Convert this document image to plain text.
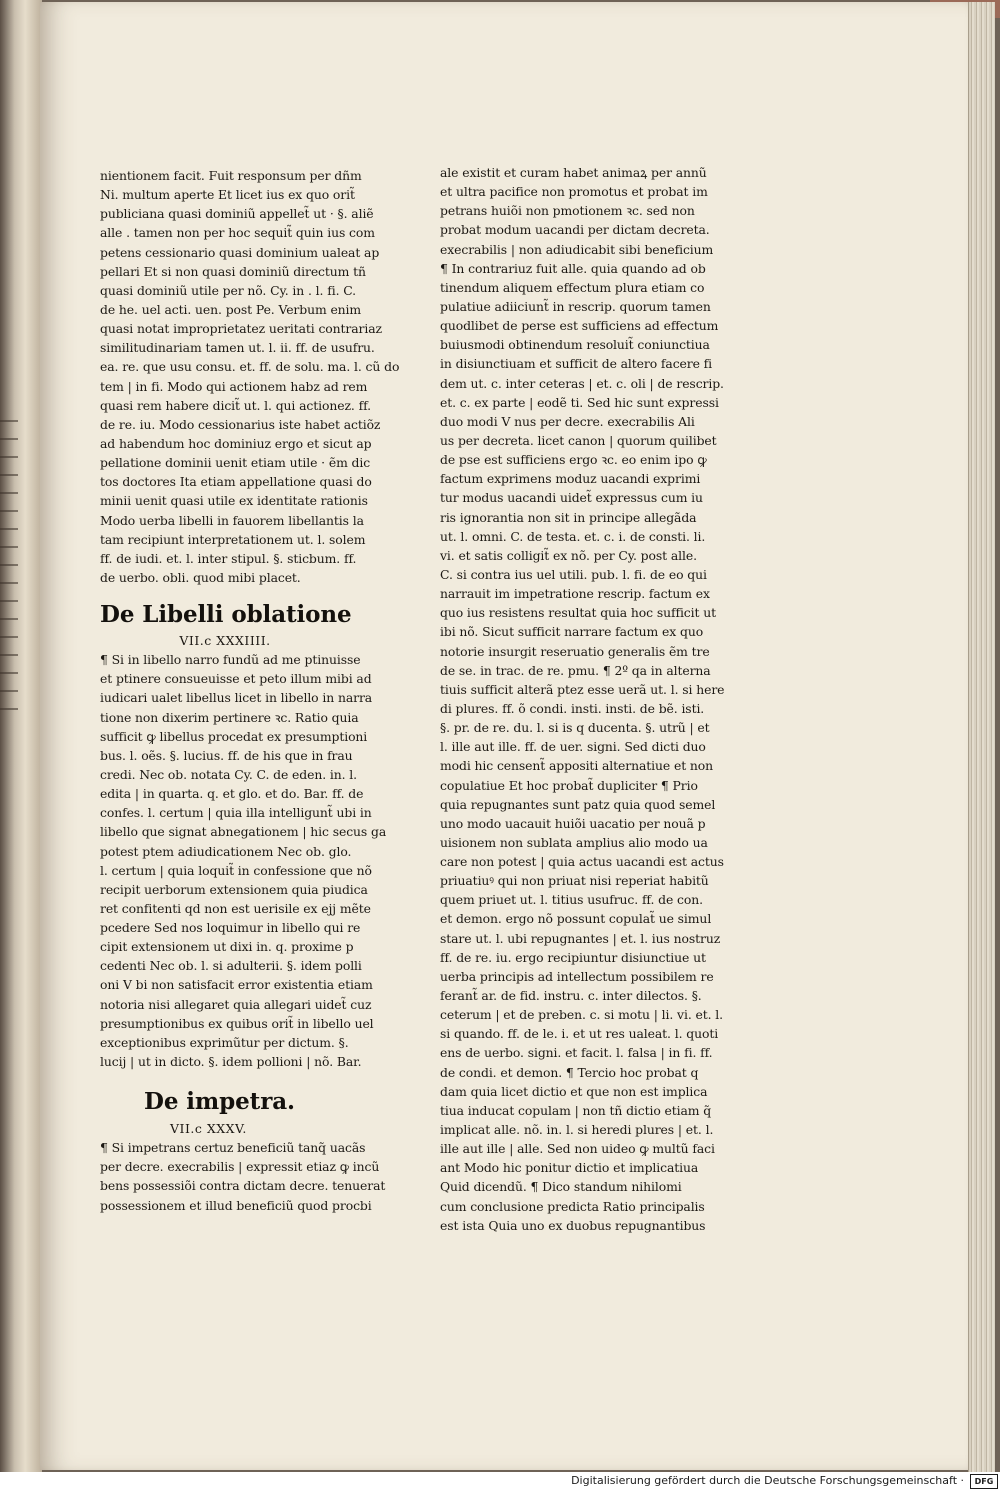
nientionem facit. Fuit responsum per dñm
Ni. multum aperte Et licet ius ex quo orit̃
publiciana quasi dominiũ appellet̃ ut · §. aliẽ
alle . tamen non per hoc sequit̃ quin ius com
petens cessionario quasi dominium ualeat ap
pellari Et si non quasi dominiũ directum tñ
quasi dominiũ utile per nõ. Cy. in . l. fi. C.
de he. uel acti. uen. post Pe. Verbum enim
quasi notat improprietatez ueritati contrariaz
similitudinariam tamen ut. l. ii. ff. de usufru.
ea. re. que usu consu. et. ff. de solu. ma. l. cũ do
tem | in fi. Modo qui actionem habz ad rem
quasi rem habere dicit̃ ut. l. qui actionez. ff.
de re. iu. Modo cessionarius iste habet actiõz
ad habendum hoc dominiuz ergo et sicut ap
pellatione dominii uenit etiam utile · ẽm dic
tos doctores Ita etiam appellatione quasi do
minii uenit quasi utile ex identitate rationis
Modo uerba libelli in fauorem libellantis la
tam recipiunt interpretationem ut. l. solem
ff. de iudi. et. l. inter stipul. §. sticbum. ff.
de uerbo. obli. quod mibi placet.
De Libelli oblatione
VII.c XXXIIII.
¶ Si in libello narro fundũ ad me ptinuisse
et ptinere consueuisse et peto illum mibi ad
iudicari ualet libellus licet in libello in narra
tione non dixerim pertinere ꝛc. Ratio quia
sufficit ꝙ libellus procedat ex presumptioni
bus. l. oẽs. §. lucius. ff. de his que in frau
credi. Nec ob. notata Cy. C. de eden. in. l.
edita | in quarta. q. et glo. et do. Bar. ff. de
confes. l. certum | quia illa intelligunt̃ ubi in
libello que signat abnegationem | hic secus ga
potest ptem adiudicationem Nec ob. glo.
l. certum | quia loquit̃ in confessione que nõ
recipit uerborum extensionem quia piudica
ret confitenti qd non est uerisile ex ejj mẽte
pcedere Sed nos loquimur in libello qui re
cipit extensionem ut dixi in. q. proxime p
cedenti Nec ob. l. si adulterii. §. idem polli
oni V bi non satisfacit error existentia etiam
notoria nisi allegaret quia allegari uidet̃ cuz
presumptionibus ex quibus orit̃ in libello uel
exceptionibus exprimũtur per dictum. §.
lucij | ut in dicto. §. idem pollioni | nõ. Bar.
De impetra.
VII.c XXXV.
¶ Si impetrans certuz beneficiũ tanq̃ uacãs
per decre. execrabilis | expressit etiaz ꝙ incũ
bens possessiõi contra dictam decre. tenuerat
possessionem et illud beneficiũ quod procbi
ale existit et curam habet animaꝝ per annũ
et ultra pacifice non promotus et probat im
petrans huiõi non pmotionem ꝛc. sed non
probat modum uacandi per dictam decreta.
execrabilis | non adiudicabit sibi beneficium
¶ In contrariuz fuit alle. quia quando ad ob
tinendum aliquem effectum plura etiam co
pulatiue adiiciunt̃ in rescrip. quorum tamen
quodlibet de perse est sufficiens ad effectum
buiusmodi obtinendum resoluit̃ coniunctiua
in disiunctiuam et sufficit de altero facere fi
dem ut. c. inter ceteras | et. c. oli | de rescrip.
et. c. ex parte | eodẽ ti. Sed hic sunt expressi
duo modi V nus per decre. execrabilis Ali
us per decreta. licet canon | quorum quilibet
de pse est sufficiens ergo ꝛc. eo enim ipo ꝙ
factum exprimens moduz uacandi exprimi
tur modus uacandi uidet̃ expressus cum iu
ris ignorantia non sit in principe allegãda
ut. l. omni. C. de testa. et. c. i. de consti. li.
vi. et satis colligit̃ ex nõ. per Cy. post alle.
C. si contra ius uel utili. pub. l. fi. de eo qui
narrauit im impetratione rescrip. factum ex
quo ius resistens resultat quia hoc sufficit ut
ibi nõ. Sicut sufficit narrare factum ex quo
notorie insurgit reseruatio generalis ẽm tre
de se. in trac. de re. pmu. ¶ 2º qa in alterna
tiuis sufficit alterã ptez esse uerã ut. l. si here
di plures. ff. õ condi. insti. insti. de bẽ. isti.
§. pr. de re. du. l. si is q ducenta. §. utrũ | et
l. ille aut ille. ff. de uer. signi. Sed dicti duo
modi hic censent̃ appositi alternatiue et non
copulatiue Et hoc probat̃ dupliciter ¶ Prio
quia repugnantes sunt patz quia quod semel
uno modo uacauit huiõi uacatio per nouã p
uisionem non sublata amplius alio modo ua
care non potest | quia actus uacandi est actus
priuatiuꝰ qui non priuat nisi reperiat habitũ
quem priuet ut. l. titius usufruc. ff. de con.
et demon. ergo nõ possunt copulat̃ ue simul
stare ut. l. ubi repugnantes | et. l. ius nostruz
ff. de re. iu. ergo recipiuntur disiunctiue ut
uerba principis ad intellectum possibilem re
ferant̃ ar. de fid. instru. c. inter dilectos. §.
ceterum | et de preben. c. si motu | li. vi. et. l.
si quando. ff. de le. i. et ut res ualeat. l. quoti
ens de uerbo. signi. et facit. l. falsa | in fi. ff.
de condi. et demon. ¶ Tercio hoc probat q
dam quia licet dictio et que non est implica
tiua inducat copulam | non tñ dictio etiam q̃
implicat alle. nõ. in. l. si heredi plures | et. l.
ille aut ille | alle. Sed non uideo ꝙ multũ faci
ant Modo hic ponitur dictio et implicatiua
Quid dicendũ. ¶ Dico standum nihilomi
cum conclusione predicta Ratio principalis
est ista Quia uno ex duobus repugnantibus
Digitalisierung gefördert durch die Deutsche Forschungsgemeinschaft ·	DFG
